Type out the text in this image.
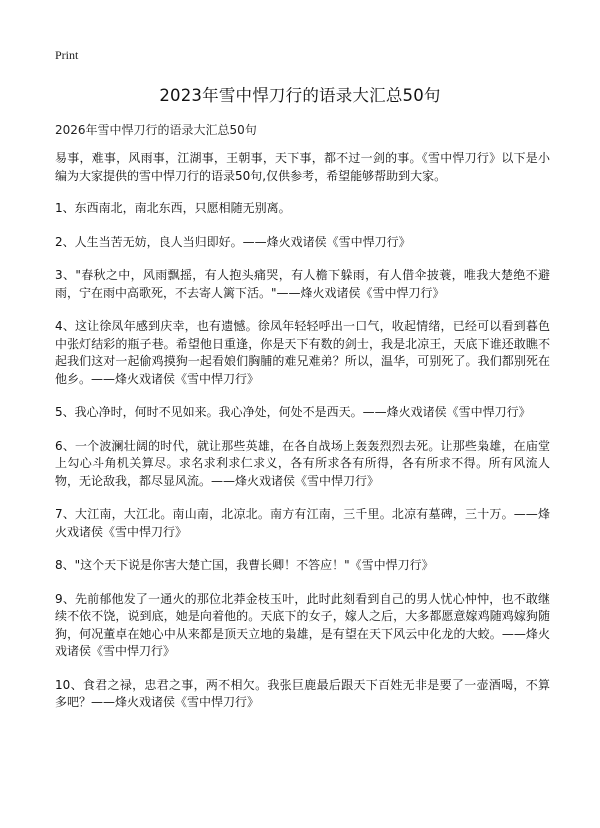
Print
2023年雪中悍刀行的语录大汇总50句
2026年雪中悍刀行的语录大汇总50句

易事，难事，风雨事，江湖事，王朝事，天下事，都不过一剑的事。《雪中悍刀行》以下是小编为大家提供的雪中悍刀行的语录50句,仅供参考，希望能够帮助到大家。

1、东西南北，南北东西，只愿相随无别离。

2、人生当苦无妨，良人当归即好。——烽火戏诸侯《雪中悍刀行》

3、"春秋之中，风雨飘摇，有人抱头痛哭，有人檐下躲雨，有人借伞披蓑，唯我大楚绝不避雨，宁在雨中高歌死，不去寄人篱下活。"——烽火戏诸侯《雪中悍刀行》

4、这让徐凤年感到庆幸，也有遗憾。徐凤年轻轻呼出一口气，收起情绪，已经可以看到暮色中张灯结彩的瓶子巷。希望他日重逢，你是天下有数的剑士，我是北凉王，天底下谁还敢瞧不起我们这对一起偷鸡摸狗一起看娘们胸脯的难兄难弟？所以，温华，可别死了。我们都别死在他乡。——烽火戏诸侯《雪中悍刀行》

5、我心净时，何时不见如来。我心净处，何处不是西天。——烽火戏诸侯《雪中悍刀行》

6、一个波澜壮阔的时代，就让那些英雄，在各自战场上轰轰烈烈去死。让那些枭雄，在庙堂上勾心斗角机关算尽。求名求利求仁求义，各有所求各有所得，各有所求不得。所有风流人物，无论敌我，都尽显风流。——烽火戏诸侯《雪中悍刀行》

7、大江南，大江北。南山南，北凉北。南方有江南，三千里。北凉有墓碑，三十万。——烽火戏诸侯《雪中悍刀行》

8、"这个天下说是你害大楚亡国，我曹长卿！不答应！"《雪中悍刀行》

9、先前郁他发了一通火的那位北莽金枝玉叶，此时此刻看到自己的男人忧心忡忡，也不敢继续不依不饶，说到底，她是向着他的。天底下的女子，嫁人之后，大多都愿意嫁鸡随鸡嫁狗随狗，何况董卓在她心中从来都是顶天立地的枭雄，是有望在天下风云中化龙的大蛟。——烽火戏诸侯《雪中悍刀行》

10、食君之禄，忠君之事，两不相欠。我张巨鹿最后跟天下百姓无非是要了一壶酒喝，不算多吧？——烽火戏诸侯《雪中悍刀行》
